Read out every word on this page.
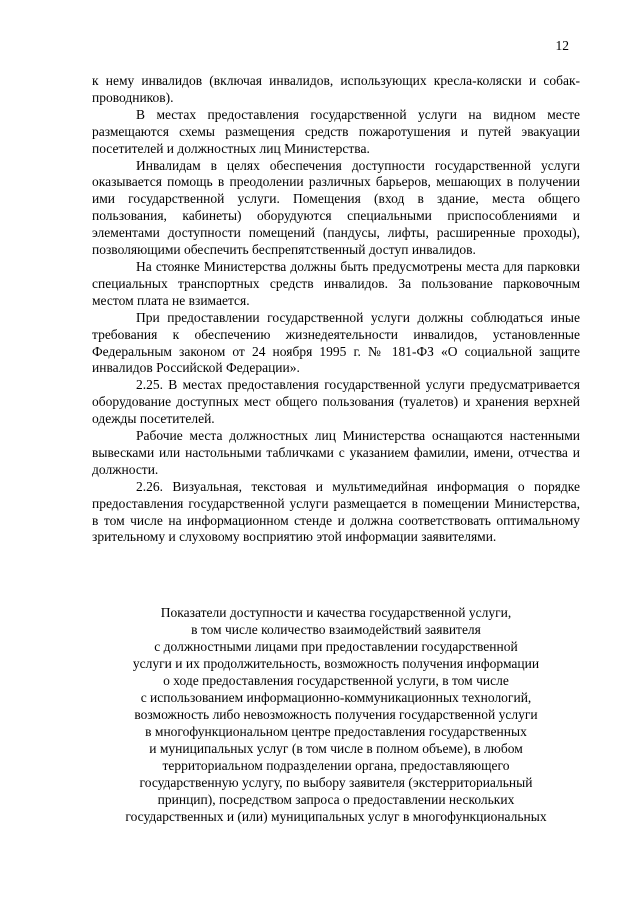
12

к нему инвалидов (включая инвалидов, использующих кресла-коляски и собак-проводников).

В местах предоставления государственной услуги на видном месте размещаются схемы размещения средств пожаротушения и путей эвакуации посетителей и должностных лиц Министерства.

Инвалидам в целях обеспечения доступности государственной услуги оказывается помощь в преодолении различных барьеров, мешающих в получении ими государственной услуги. Помещения (вход в здание, места общего пользования, кабинеты) оборудуются специальными приспособлениями и элементами доступности помещений (пандусы, лифты, расширенные проходы), позволяющими обеспечить беспрепятственный доступ инвалидов.

На стоянке Министерства должны быть предусмотрены места для парковки специальных транспортных средств инвалидов. За пользование парковочным местом плата не взимается.

При предоставлении государственной услуги должны соблюдаться иные требования к обеспечению жизнедеятельности инвалидов, установленные Федеральным законом от 24 ноября 1995 г. № 181-ФЗ «О социальной защите инвалидов Российской Федерации».

2.25. В местах предоставления государственной услуги предусматривается оборудование доступных мест общего пользования (туалетов) и хранения верхней одежды посетителей.

Рабочие места должностных лиц Министерства оснащаются настенными вывесками или настольными табличками с указанием фамилии, имени, отчества и должности.

2.26. Визуальная, текстовая и мультимедийная информация о порядке предоставления государственной услуги размещается в помещении Министерства, в том числе на информационном стенде и должна соответствовать оптимальному зрительному и слуховому восприятию этой информации заявителями.

Показатели доступности и качества государственной услуги,
в том числе количество взаимодействий заявителя
с должностными лицами при предоставлении государственной
услуги и их продолжительность, возможность получения информации
о ходе предоставления государственной услуги, в том числе
с использованием информационно-коммуникационных технологий,
возможность либо невозможность получения государственной услуги
в многофункциональном центре предоставления государственных
и муниципальных услуг (в том числе в полном объеме), в любом
территориальном подразделении органа, предоставляющего
государственную услугу, по выбору заявителя (экстерриториальный
принцип), посредством запроса о предоставлении нескольких
государственных и (или) муниципальных услуг в многофункциональных
